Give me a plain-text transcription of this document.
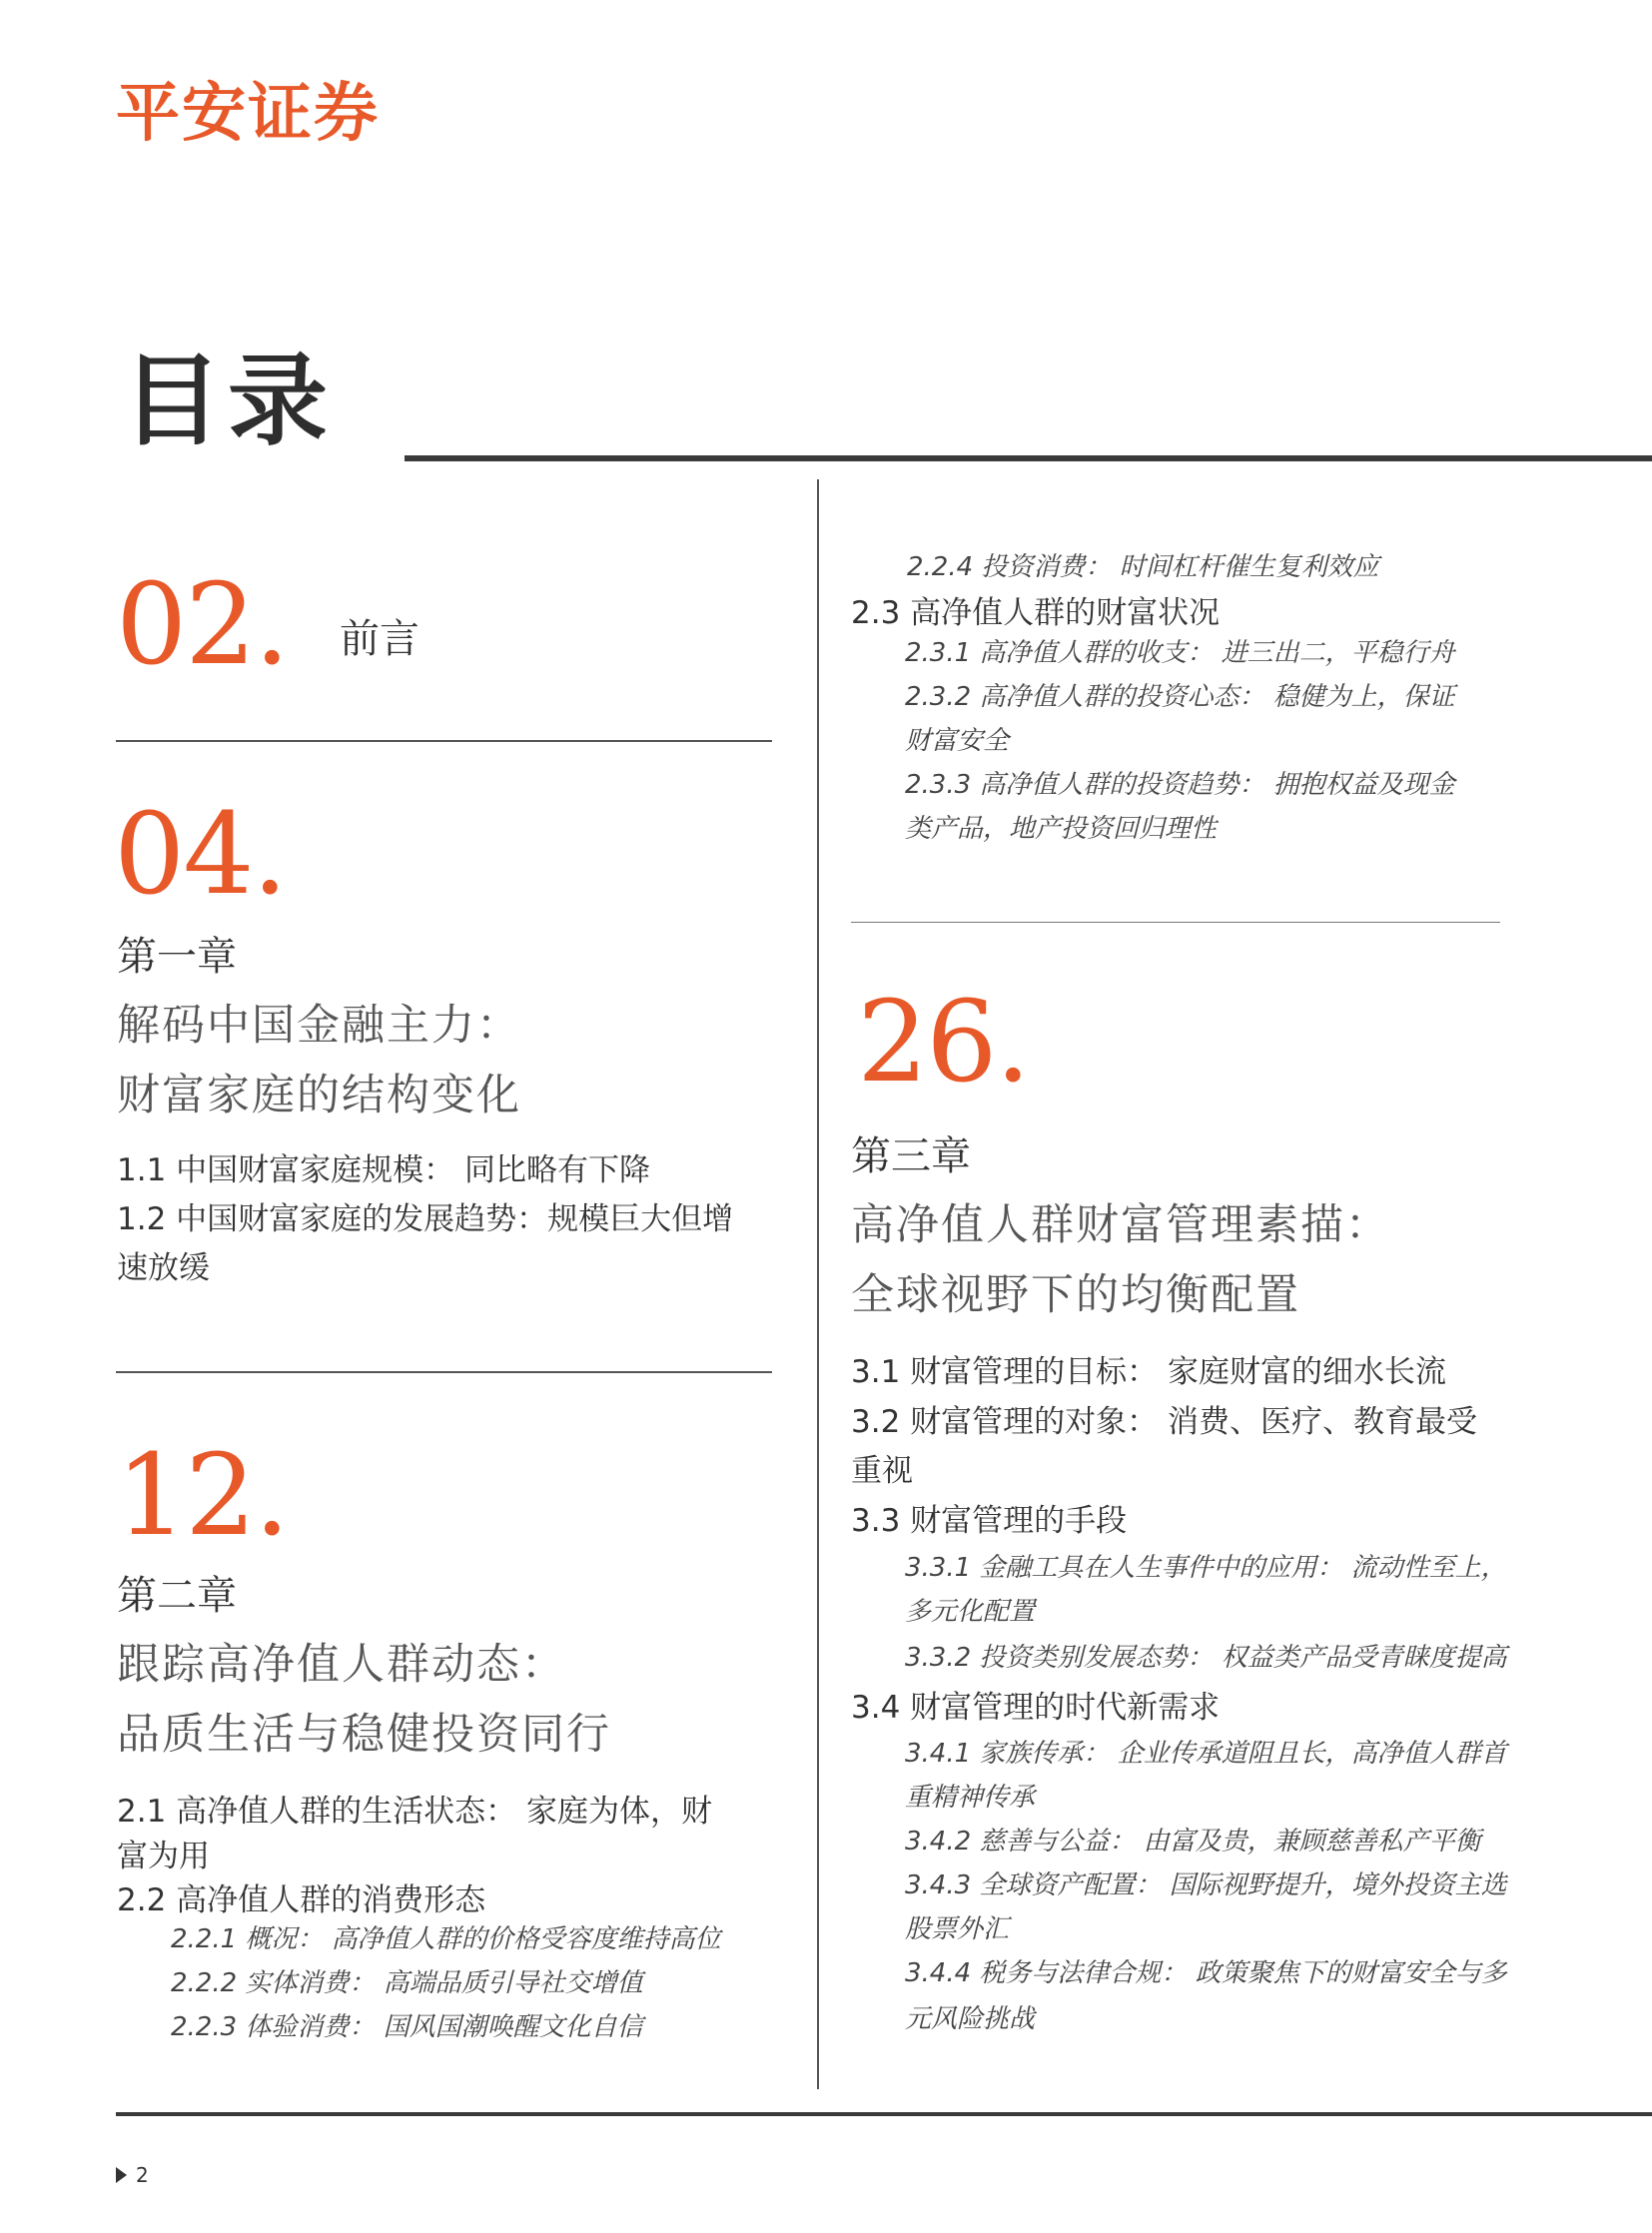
平安证券
目录
02. 前言
04.
第一章
解码中国金融主力：
财富家庭的结构变化
1.1 中国财富家庭规模： 同比略有下降
1.2 中国财富家庭的发展趋势：规模巨大但增
速放缓
12.
第二章
跟踪高净值人群动态：
品质生活与稳健投资同行
2.1 高净值人群的生活状态： 家庭为体，财
富为用
2.2 高净值人群的消费形态
2.2.1 概况： 高净值人群的价格受容度维持高位
2.2.2 实体消费： 高端品质引导社交增值
2.2.3 体验消费： 国风国潮唤醒文化自信
2.2.4 投资消费： 时间杠杆催生复利效应
2.3 高净值人群的财富状况
2.3.1 高净值人群的收支： 进三出二，平稳行舟
2.3.2 高净值人群的投资心态： 稳健为上，保证
财富安全
2.3.3 高净值人群的投资趋势： 拥抱权益及现金
类产品，地产投资回归理性
26.
第三章
高净值人群财富管理素描：
全球视野下的均衡配置
3.1 财富管理的目标： 家庭财富的细水长流
3.2 财富管理的对象： 消费、医疗、教育最受
重视
3.3 财富管理的手段
3.3.1 金融工具在人生事件中的应用： 流动性至上，
多元化配置
3.3.2 投资类别发展态势： 权益类产品受青睐度提高
3.4 财富管理的时代新需求
3.4.1 家族传承： 企业传承道阻且长，高净值人群首
重精神传承
3.4.2 慈善与公益： 由富及贵，兼顾慈善私产平衡
3.4.3 全球资产配置： 国际视野提升，境外投资主选
股票外汇
3.4.4 税务与法律合规： 政策聚焦下的财富安全与多
元风险挑战
2
